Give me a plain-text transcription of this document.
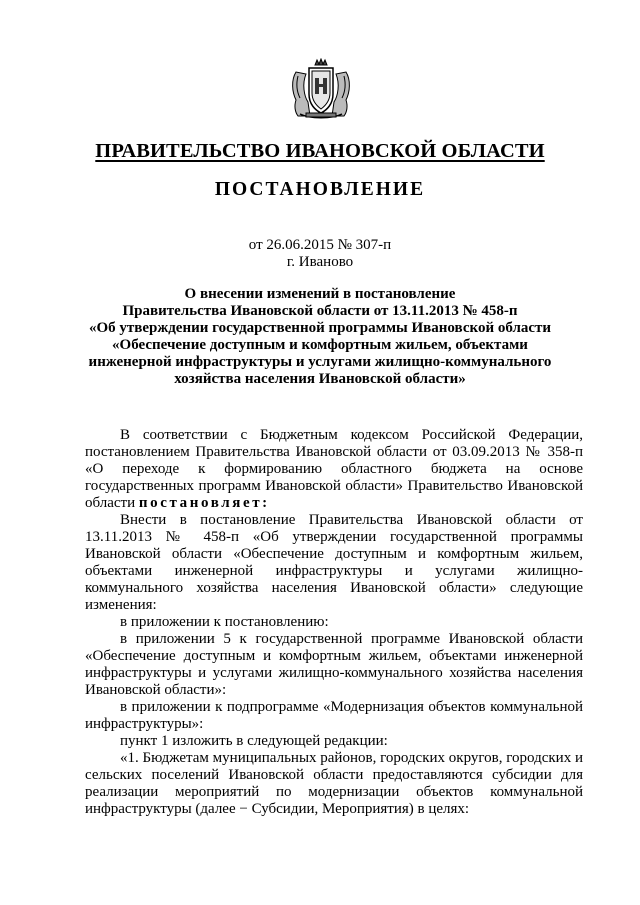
ПРАВИТЕЛЬСТВО ИВАНОВСКОЙ ОБЛАСТИ
ПОСТАНОВЛЕНИЕ
от 26.06.2015 № 307-п
г. Иваново
О внесении изменений в постановление
Правительства Ивановской области от 13.11.2013 № 458-п
«Об утверждении государственной программы Ивановской области
«Обеспечение доступным и комфортным жильем, объектами
инженерной инфраструктуры и услугами жилищно-коммунального
хозяйства населения Ивановской области»
В соответствии с Бюджетным кодексом Российской Федерации, постановлением Правительства Ивановской области от 03.09.2013 № 358-п «О переходе к формированию областного бюджета на основе государственных программ Ивановской области» Правительство Ивановской области постановляет:
Внести в постановление Правительства Ивановской области от 13.11.2013 № 458-п «Об утверждении государственной программы Ивановской области «Обеспечение доступным и комфортным жильем, объектами инженерной инфраструктуры и услугами жилищно-коммунального хозяйства населения Ивановской области» следующие изменения:
в приложении к постановлению:
в приложении 5 к государственной программе Ивановской области «Обеспечение доступным и комфортным жильем, объектами инженерной инфраструктуры и услугами жилищно-коммунального хозяйства населения Ивановской области»:
в приложении к подпрограмме «Модернизация объектов коммунальной инфраструктуры»:
пункт 1 изложить в следующей редакции:
«1. Бюджетам муниципальных районов, городских округов, городских и сельских поселений Ивановской области предоставляются субсидии для реализации мероприятий по модернизации объектов коммунальной инфраструктуры (далее − Субсидии, Мероприятия) в целях:
